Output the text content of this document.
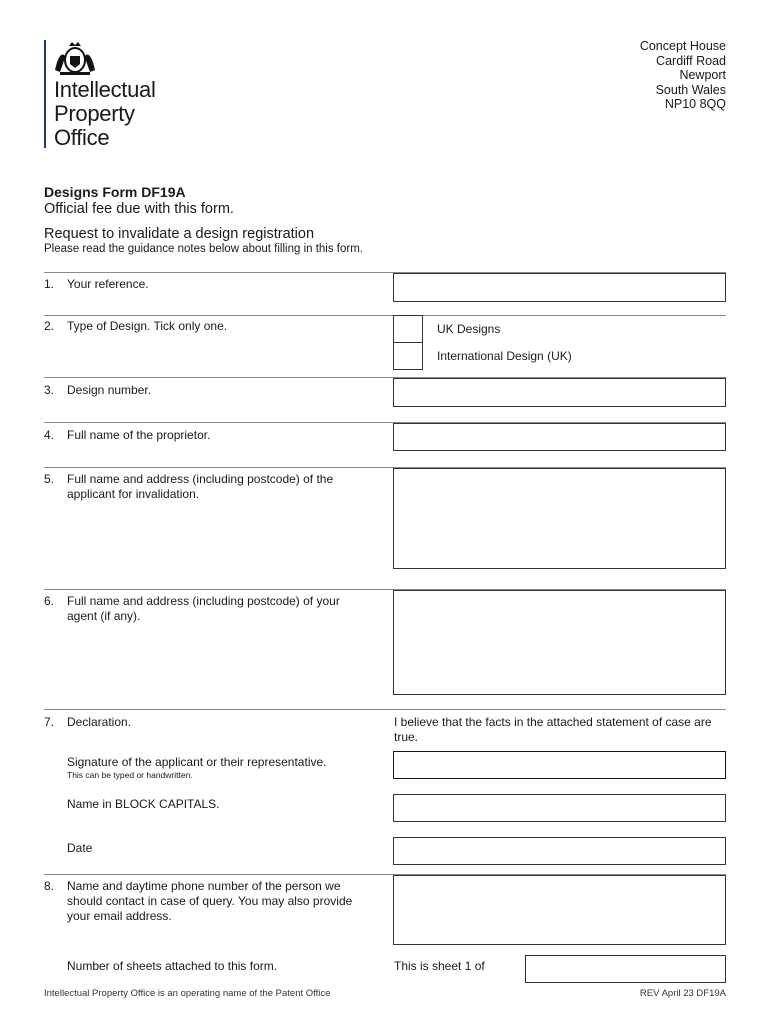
Intellectual
Property
Office
Concept House
Cardiff Road
Newport
South Wales
NP10 8QQ
Designs Form DF19A
Official fee due with this form.
Request to invalidate a design registration
Please read the guidance notes below about filling in this form.
1. Your reference.
2. Type of Design. Tick only one.	UK Designs
International Design (UK)
3. Design number.
4. Full name of the proprietor.
5. Full name and address (including postcode) of the applicant for invalidation.
6. Full name and address (including postcode) of your agent (if any).
7. Declaration.	I believe that the facts in the attached statement of case are true.
Signature of the applicant or their representative.
This can be typed or handwritten.
Name in BLOCK CAPITALS.
Date
8. Name and daytime phone number of the person we should contact in case of query. You may also provide your email address.
Number of sheets attached to this form.	This is sheet 1 of
Intellectual Property Office is an operating name of the Patent Office	REV April 23 DF19A
